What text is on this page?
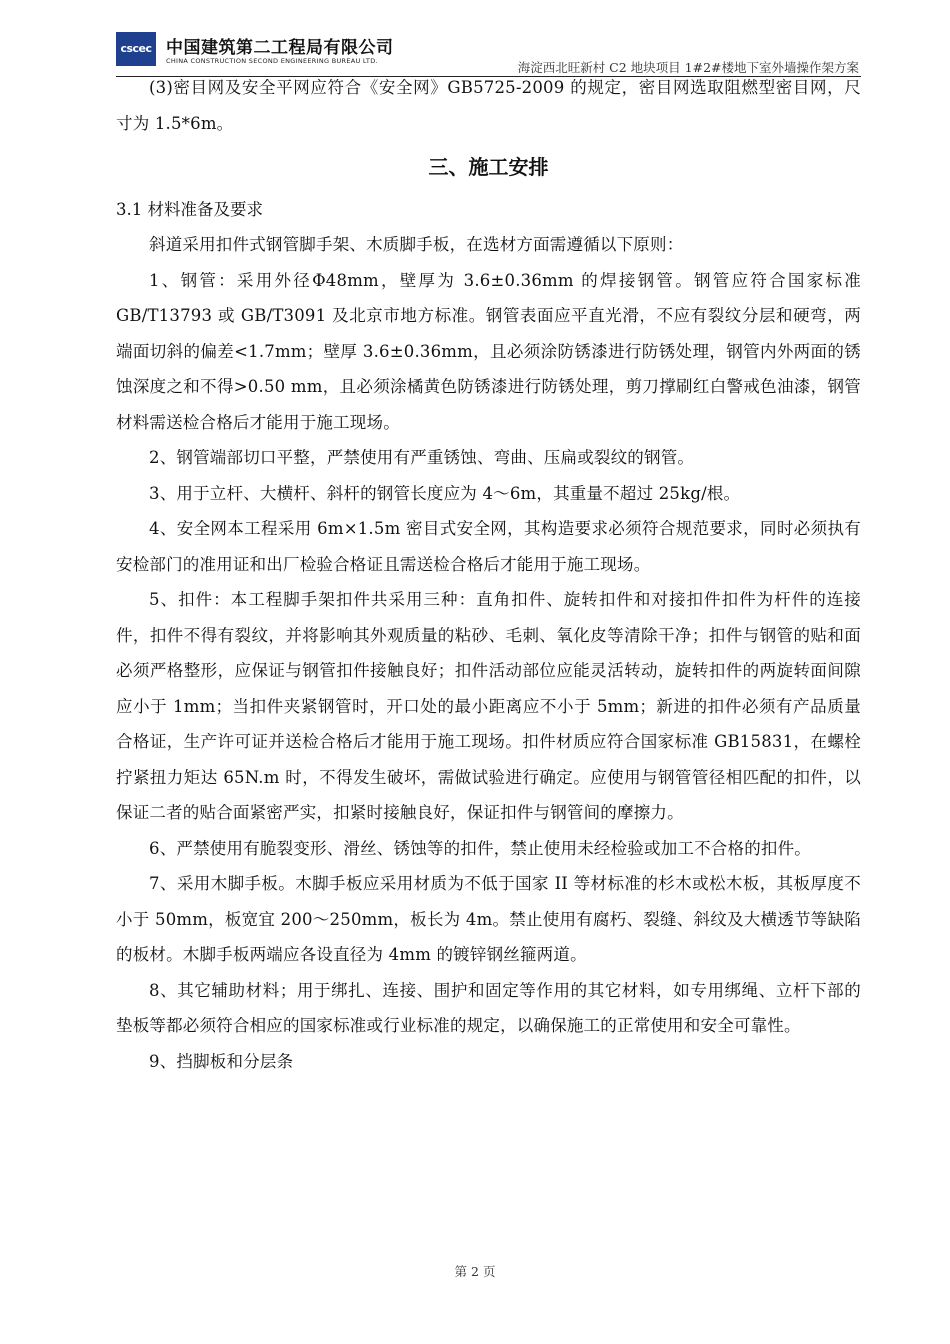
cscec 中国建筑第二工程局有限公司
CHINA CONSTRUCTION SECOND ENGINEERING BUREAU LTD.	海淀西北旺新村 C2 地块项目 1#2#楼地下室外墙操作架方案

(3)密目网及安全平网应符合《安全网》GB5725-2009 的规定，密目网选取阻燃型密目网，尺寸为 1.5*6m。

三、施工安排

3.1 材料准备及要求

斜道采用扣件式钢管脚手架、木质脚手板，在选材方面需遵循以下原则：

1、钢管：采用外径Φ48mm，壁厚为 3.6±0.36mm 的焊接钢管。钢管应符合国家标准GB/T13793 或 GB/T3091 及北京市地方标准。钢管表面应平直光滑，不应有裂纹分层和硬弯，两端面切斜的偏差<1.7mm；壁厚 3.6±0.36mm，且必须涂防锈漆进行防锈处理，钢管内外两面的锈蚀深度之和不得>0.50 mm，且必须涂橘黄色防锈漆进行防锈处理，剪刀撑刷红白警戒色油漆，钢管材料需送检合格后才能用于施工现场。

2、钢管端部切口平整，严禁使用有严重锈蚀、弯曲、压扁或裂纹的钢管。

3、用于立杆、大横杆、斜杆的钢管长度应为 4～6m，其重量不超过 25kg/根。

4、安全网本工程采用 6m×1.5m 密目式安全网，其构造要求必须符合规范要求，同时必须执有安检部门的准用证和出厂检验合格证且需送检合格后才能用于施工现场。

5、扣件：本工程脚手架扣件共采用三种：直角扣件、旋转扣件和对接扣件扣件为杆件的连接件，扣件不得有裂纹，并将影响其外观质量的粘砂、毛刺、氧化皮等清除干净；扣件与钢管的贴和面必须严格整形，应保证与钢管扣件接触良好；扣件活动部位应能灵活转动，旋转扣件的两旋转面间隙应小于 1mm；当扣件夹紧钢管时，开口处的最小距离应不小于 5mm；新进的扣件必须有产品质量合格证，生产许可证并送检合格后才能用于施工现场。扣件材质应符合国家标准 GB15831，在螺栓拧紧扭力矩达 65N.m 时，不得发生破坏，需做试验进行确定。应使用与钢管管径相匹配的扣件，以保证二者的贴合面紧密严实，扣紧时接触良好，保证扣件与钢管间的摩擦力。

6、严禁使用有脆裂变形、滑丝、锈蚀等的扣件，禁止使用未经检验或加工不合格的扣件。

7、采用木脚手板。木脚手板应采用材质为不低于国家 II 等材标准的杉木或松木板，其板厚度不小于 50mm，板宽宜 200～250mm，板长为 4m。禁止使用有腐朽、裂缝、斜纹及大横透节等缺陷的板材。木脚手板两端应各设直径为 4mm 的镀锌钢丝箍两道。

8、其它辅助材料；用于绑扎、连接、围护和固定等作用的其它材料，如专用绑绳、立杆下部的垫板等都必须符合相应的国家标准或行业标准的规定，以确保施工的正常使用和安全可靠性。

9、挡脚板和分层条

第 2 页
